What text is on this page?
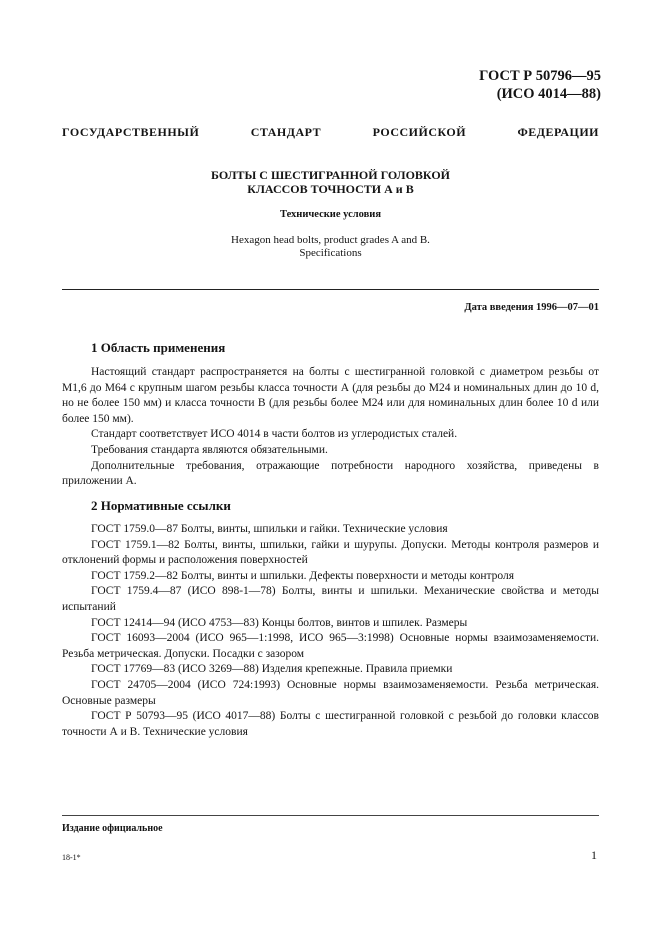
ГОСТ Р 50796—95
(ИСО 4014—88)
ГОСУДАРСТВЕННЫЙ СТАНДАРТ РОССИЙСКОЙ ФЕДЕРАЦИИ
БОЛТЫ С ШЕСТИГРАННОЙ ГОЛОВКОЙ
КЛАССОВ ТОЧНОСТИ А и В
Технические условия
Hexagon head bolts, product grades A and B.
Specifications
Дата введения 1996—07—01
1 Область применения

Настоящий стандарт распространяется на болты с шестигранной головкой с диаметром резьбы от М1,6 до М64 с крупным шагом резьбы класса точности А (для резьбы до М24 и номинальных длин до 10 d, но не более 150 мм) и класса точности В (для резьбы более М24 или для номинальных длин более 10 d или более 150 мм).

Стандарт соответствует ИСО 4014 в части болтов из углеродистых сталей.

Требования стандарта являются обязательными.

Дополнительные требования, отражающие потребности народного хозяйства, приведены в приложении А.

2 Нормативные ссылки

ГОСТ 1759.0—87 Болты, винты, шпильки и гайки. Технические условия

ГОСТ 1759.1—82 Болты, винты, шпильки, гайки и шурупы. Допуски. Методы контроля размеров и отклонений формы и расположения поверхностей

ГОСТ 1759.2—82 Болты, винты и шпильки. Дефекты поверхности и методы контроля

ГОСТ 1759.4—87 (ИСО 898-1—78) Болты, винты и шпильки. Механические свойства и методы испытаний

ГОСТ 12414—94 (ИСО 4753—83) Концы болтов, винтов и шпилек. Размеры

ГОСТ 16093—2004 (ИСО 965—1:1998, ИСО 965—3:1998) Основные нормы взаимозаменяемости. Резьба метрическая. Допуски. Посадки с зазором

ГОСТ 17769—83 (ИСО 3269—88) Изделия крепежные. Правила приемки

ГОСТ 24705—2004 (ИСО 724:1993) Основные нормы взаимозаменяемости. Резьба метрическая. Основные размеры

ГОСТ Р 50793—95 (ИСО 4017—88) Болты с шестигранной головкой с резьбой до головки классов точности А и В. Технические условия

Издание официальное
18-1*	1
